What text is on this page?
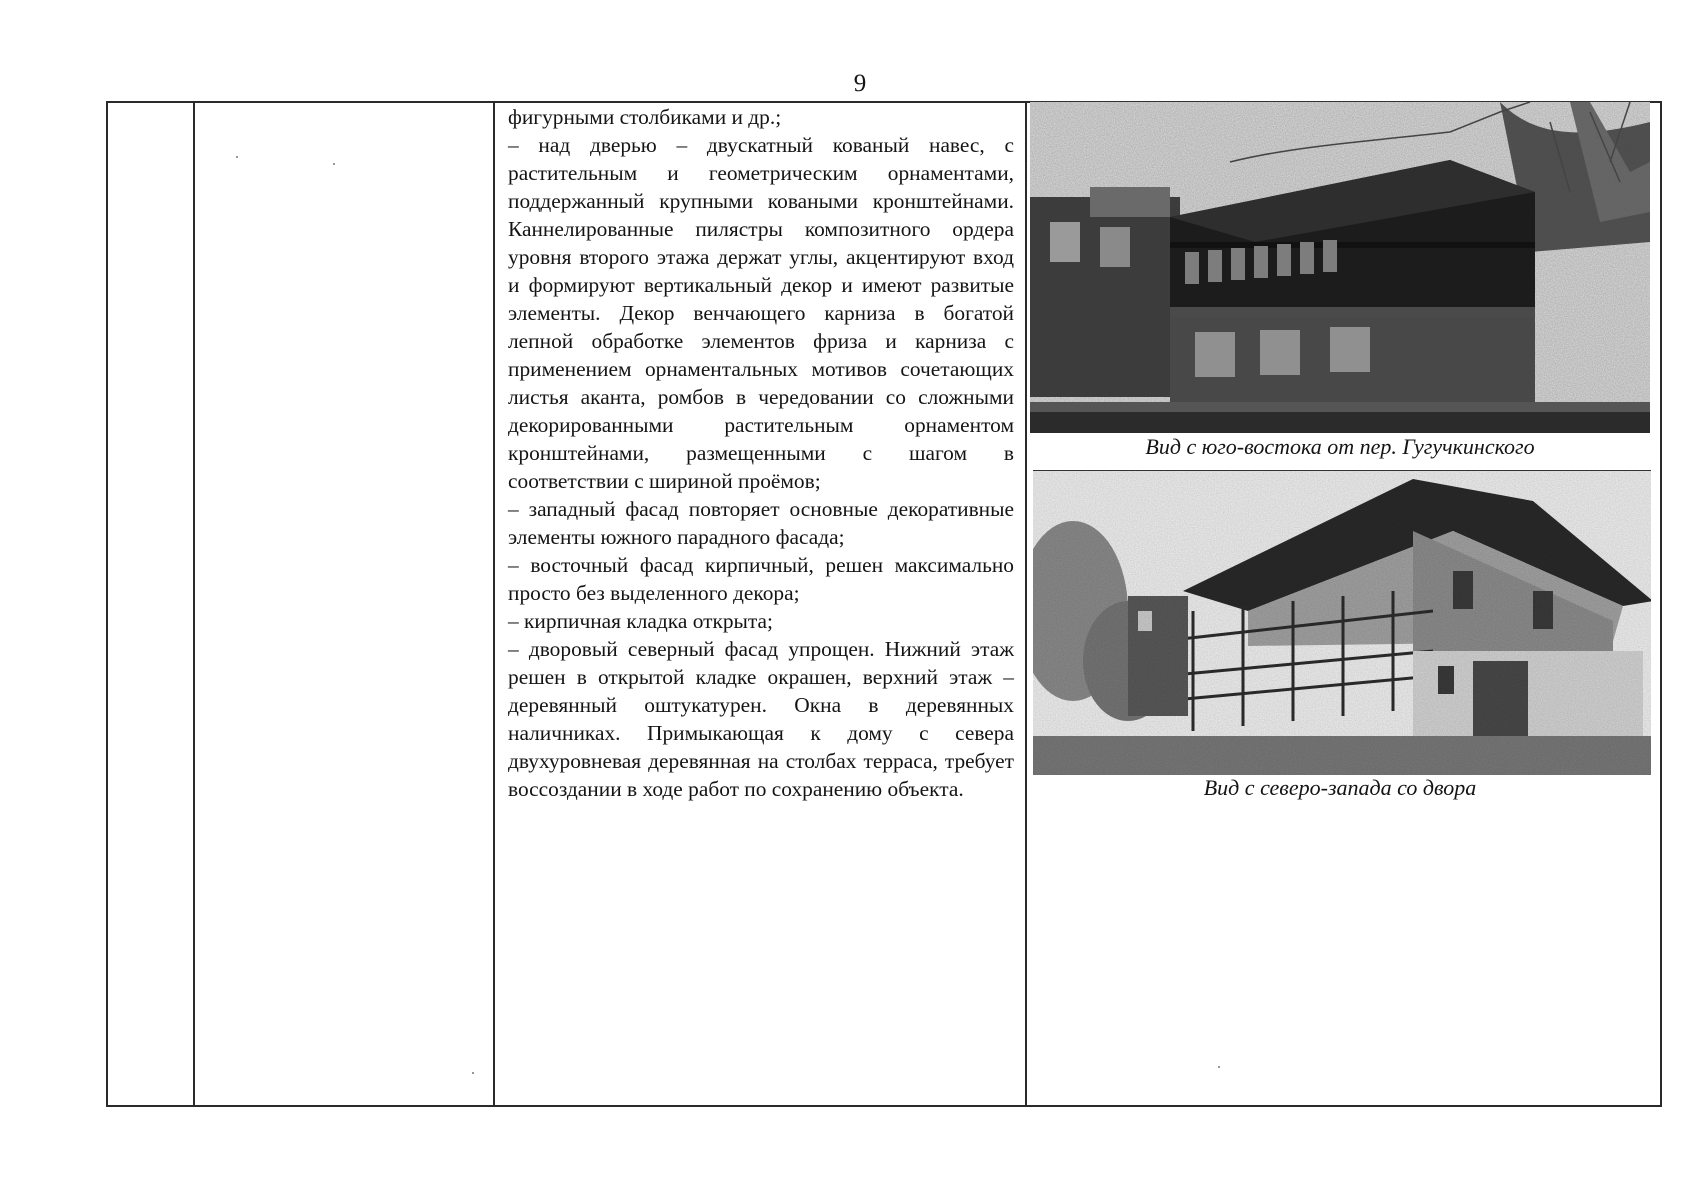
9

фигурными столбиками и др.;

– над дверью – двускатный кованый навес, с растительным и геометрическим орнаментами, поддержанный крупными коваными кронштейнами. Каннелированные пилястры композитного ордера уровня второго этажа держат углы, акцентируют вход и формируют вертикальный декор и имеют развитые элементы. Декор венчающего карниза в богатой лепной обработке элементов фриза и карниза с применением орнаментальных мотивов сочетающих листья аканта, ромбов в чередовании со сложными декорированными растительным орнаментом кронштейнами, размещенными с шагом в соответствии с шириной проёмов;

– западный фасад повторяет основные декоративные элементы южного парадного фасада;

– восточный фасад кирпичный, решен максимально просто без выделенного декора;

– кирпичная кладка открыта;

– дворовый северный фасад упрощен. Нижний этаж решен в открытой кладке окрашен, верхний этаж – деревянный оштукатурен. Окна в деревянных наличниках. Примыкающая к дому с севера двухуровневая деревянная на столбах терраса, требует воссоздании в ходе работ по сохранению объекта.

Вид с юго-востока от пер. Гугучкинского
Вид с северо-запада со двора
